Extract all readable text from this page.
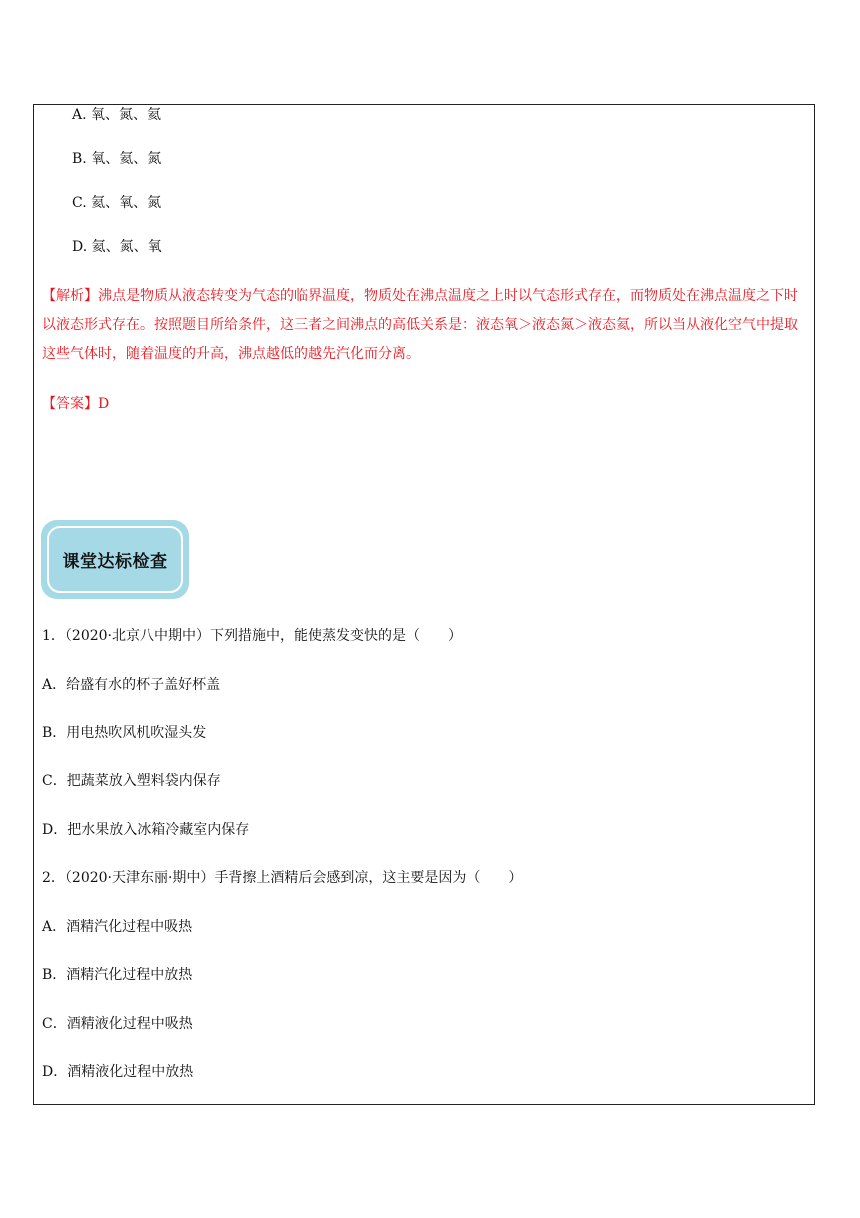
A. 氧、氮、氦
B. 氧、氦、氮
C. 氦、氧、氮
D. 氦、氮、氧
【解析】沸点是物质从液态转变为气态的临界温度，物质处在沸点温度之上时以气态形式存在，而物质处在沸点温度之下时以液态形式存在。按照题目所给条件，这三者之间沸点的高低关系是：液态氧＞液态氮＞液态氦，所以当从液化空气中提取这些气体时，随着温度的升高，沸点越低的越先汽化而分离。
【答案】D
课堂达标检查
1．（2020·北京八中期中）下列措施中，能使蒸发变快的是（　　）
A．给盛有水的杯子盖好杯盖
B．用电热吹风机吹湿头发
C．把蔬菜放入塑料袋内保存
D．把水果放入冰箱冷藏室内保存
2．（2020·天津东丽·期中）手背擦上酒精后会感到凉，这主要是因为（　　）
A．酒精汽化过程中吸热
B．酒精汽化过程中放热
C．酒精液化过程中吸热
D．酒精液化过程中放热
